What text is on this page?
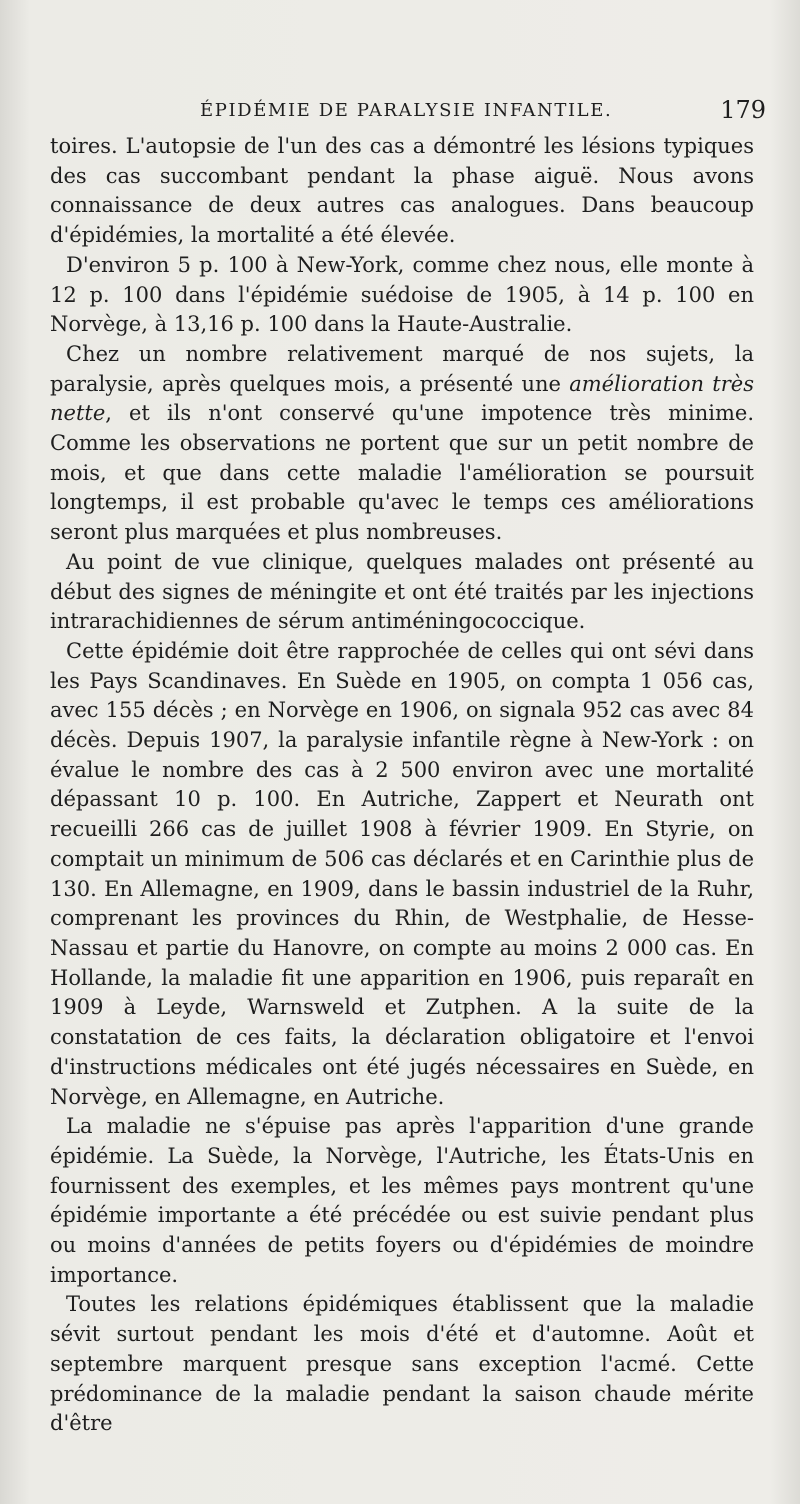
ÉPIDÉMIE DE PARALYSIE INFANTILE.	179

toires. L'autopsie de l'un des cas a démontré les lésions typiques des cas succombant pendant la phase aiguë. Nous avons connaissance de deux autres cas analogues. Dans beaucoup d'épidémies, la mortalité a été élevée.

D'environ 5 p. 100 à New-York, comme chez nous, elle monte à 12 p. 100 dans l'épidémie suédoise de 1905, à 14 p. 100 en Norvège, à 13,16 p. 100 dans la Haute-Australie.

Chez un nombre relativement marqué de nos sujets, la paralysie, après quelques mois, a présenté une amélioration très nette, et ils n'ont conservé qu'une impotence très minime. Comme les observations ne portent que sur un petit nombre de mois, et que dans cette maladie l'amélioration se poursuit longtemps, il est probable qu'avec le temps ces améliorations seront plus marquées et plus nombreuses.

Au point de vue clinique, quelques malades ont présenté au début des signes de méningite et ont été traités par les injections intrarachidiennes de sérum antiméningococcique.

Cette épidémie doit être rapprochée de celles qui ont sévi dans les Pays Scandinaves. En Suède en 1905, on compta 1 056 cas, avec 155 décès ; en Norvège en 1906, on signala 952 cas avec 84 décès. Depuis 1907, la paralysie infantile règne à New-York : on évalue le nombre des cas à 2 500 environ avec une mortalité dépassant 10 p. 100. En Autriche, Zappert et Neurath ont recueilli 266 cas de juillet 1908 à février 1909. En Styrie, on comptait un minimum de 506 cas déclarés et en Carinthie plus de 130. En Allemagne, en 1909, dans le bassin industriel de la Ruhr, comprenant les provinces du Rhin, de Westphalie, de Hesse-Nassau et partie du Hanovre, on compte au moins 2 000 cas. En Hollande, la maladie fit une apparition en 1906, puis reparaît en 1909 à Leyde, Warnsweld et Zutphen. A la suite de la constatation de ces faits, la déclaration obligatoire et l'envoi d'instructions médicales ont été jugés nécessaires en Suède, en Norvège, en Allemagne, en Autriche.

La maladie ne s'épuise pas après l'apparition d'une grande épidémie. La Suède, la Norvège, l'Autriche, les États-Unis en fournissent des exemples, et les mêmes pays montrent qu'une épidémie importante a été précédée ou est suivie pendant plus ou moins d'années de petits foyers ou d'épidémies de moindre importance.

Toutes les relations épidémiques établissent que la maladie sévit surtout pendant les mois d'été et d'automne. Août et septembre marquent presque sans exception l'acmé. Cette prédominance de la maladie pendant la saison chaude mérite d'être
